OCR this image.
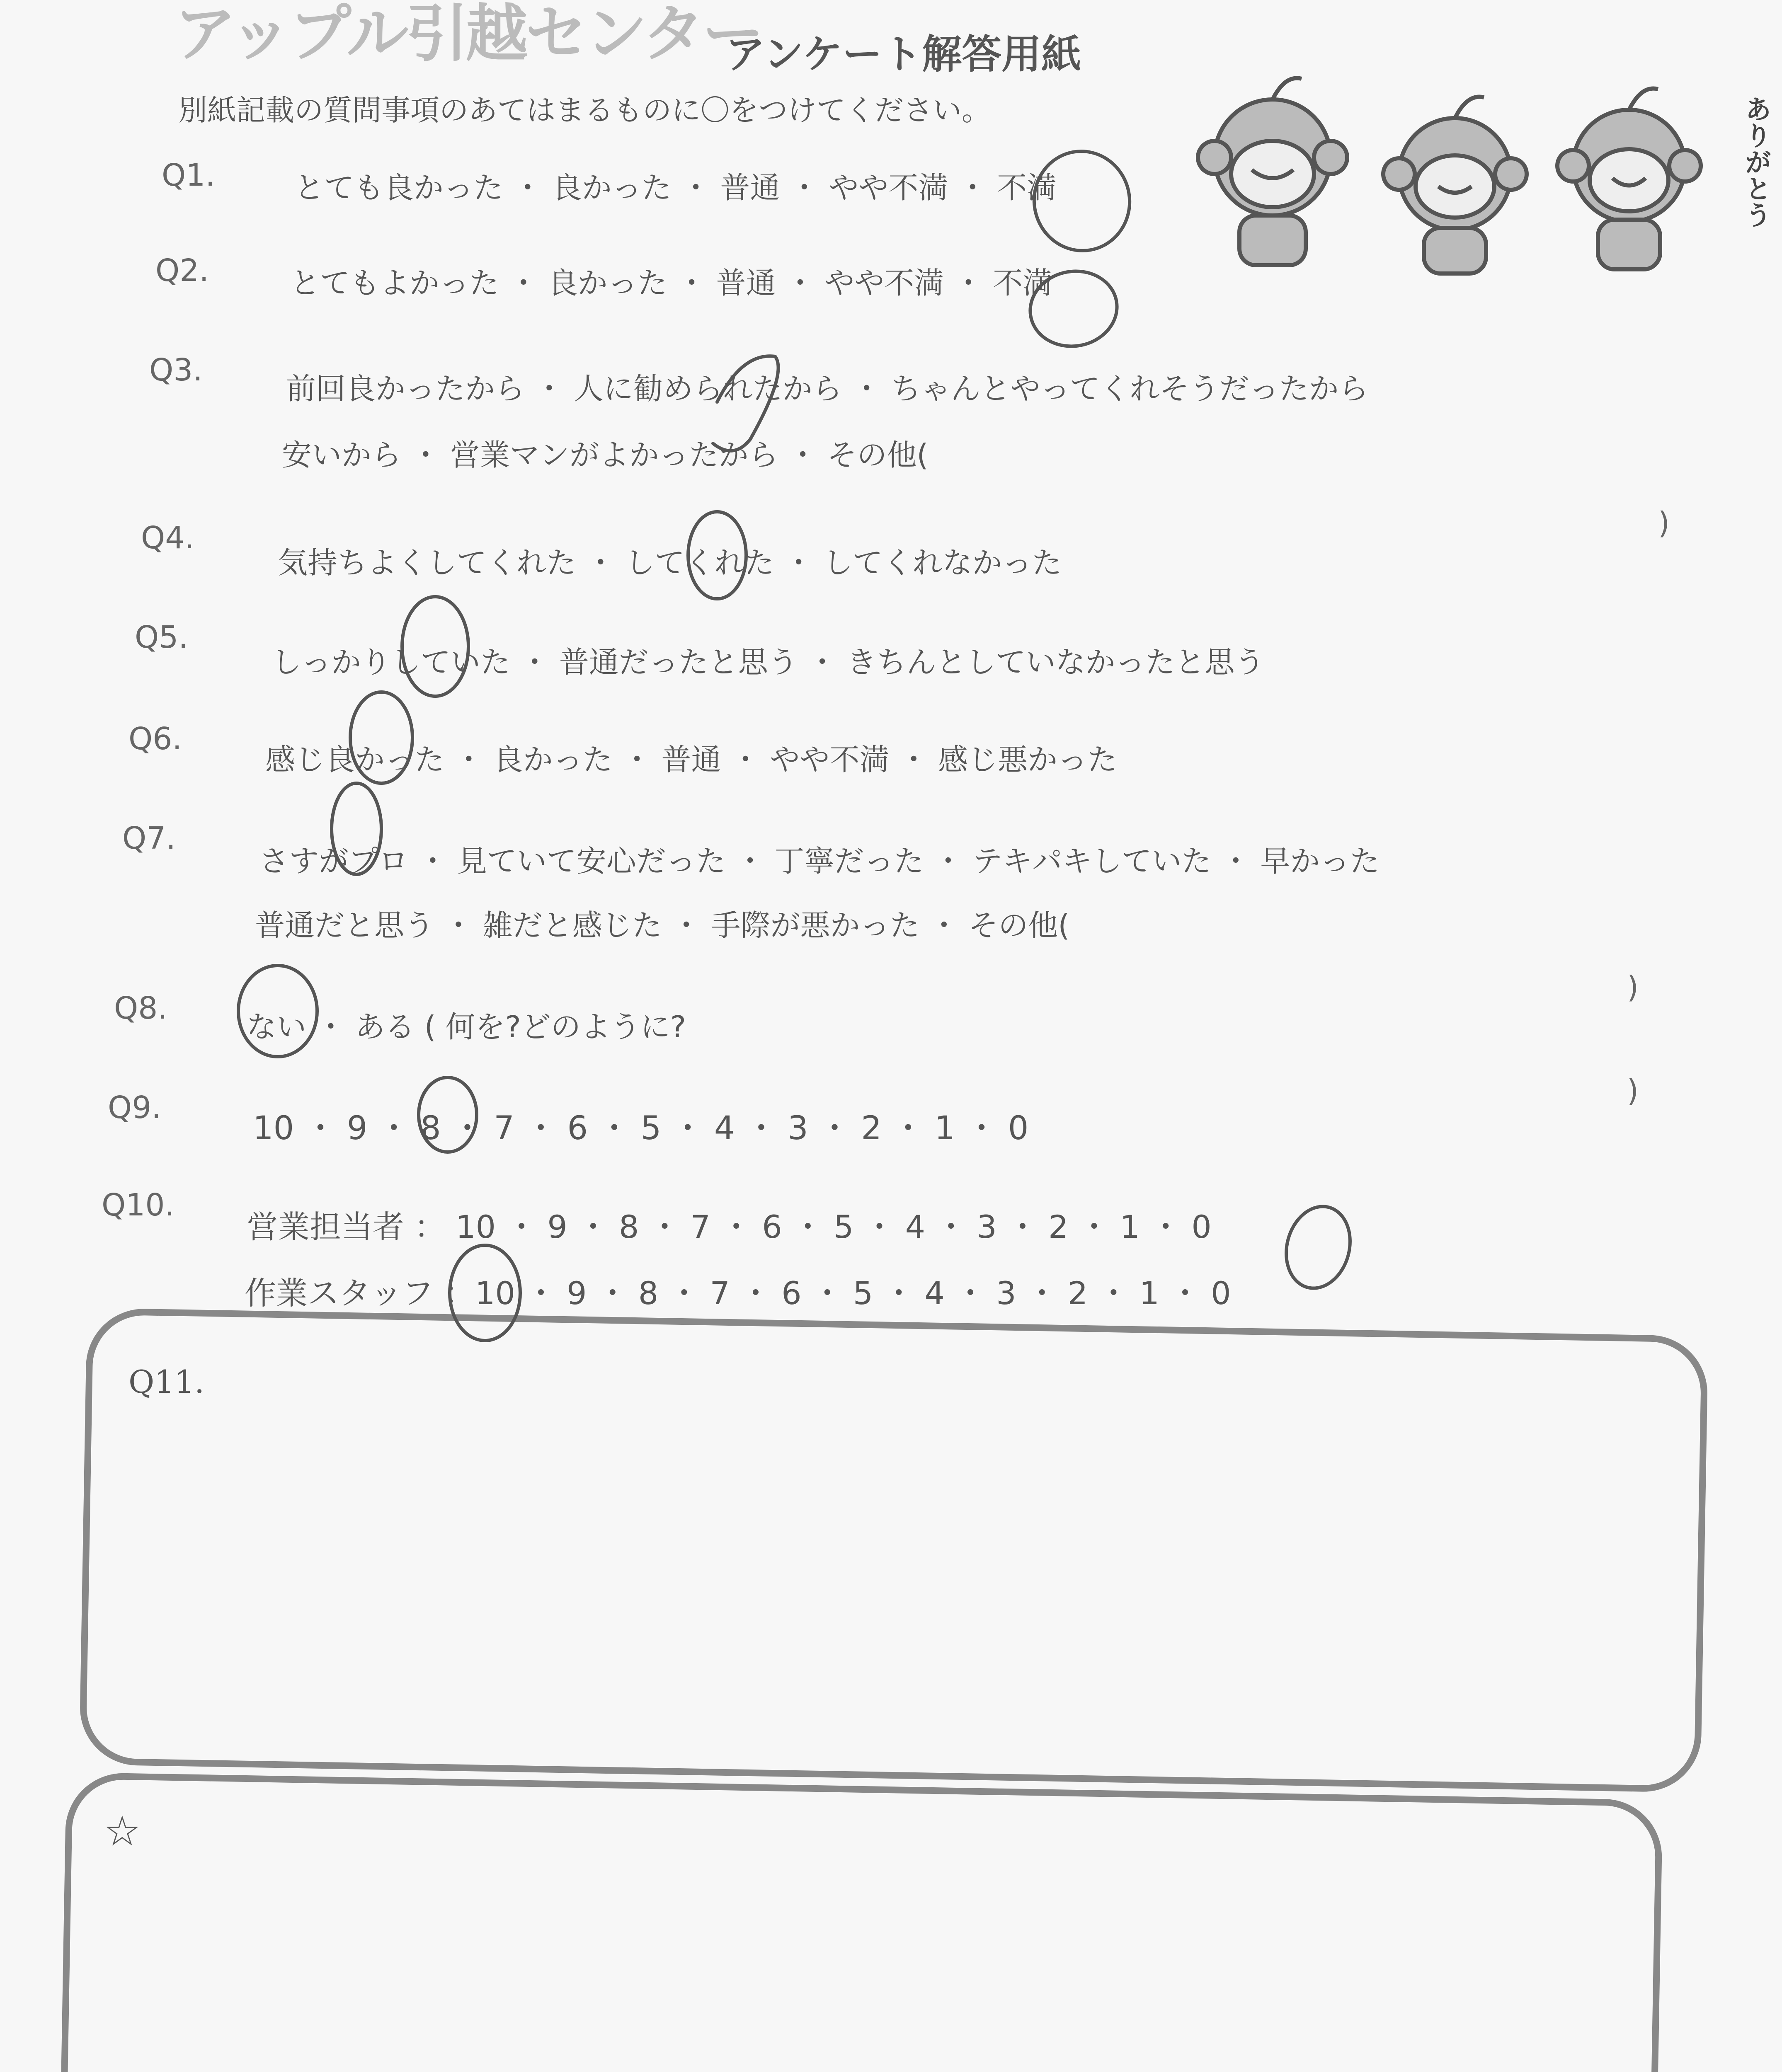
アップル引越センター
アンケート解答用紙
別紙記載の質問事項のあてはまるものに〇をつけてください。	ありがとう
Q1.	とても良かった ・ 良かった ・ 普通 ・ やや不満 ・ 不満
Q2.	とてもよかった ・ 良かった ・ 普通 ・ やや不満 ・ 不満
Q3.
前回良かったから ・ 人に勧められたから ・ ちゃんとやってくれそうだったから
安いから ・ 営業マンがよかったから ・ その他(
)
Q4.
気持ちよくしてくれた ・ してくれた ・ してくれなかった
Q5.
しっかりしていた ・ 普通だったと思う ・ きちんとしていなかったと思う
Q6.
感じ良かった ・ 良かった ・ 普通 ・ やや不満 ・ 感じ悪かった
Q7.
さすがプロ ・ 見ていて安心だった ・ 丁寧だった ・ テキパキしていた ・ 早かった
普通だと思う ・ 雑だと感じた ・ 手際が悪かった ・ その他(
)
Q8.
ない ・ ある ( 何を?どのように?
)
Q9.
10 ・ 9 ・ 8 ・ 7 ・ 6 ・ 5 ・ 4 ・ 3 ・ 2 ・ 1 ・ 0
Q10.
営業担当者 ： 10 ・ 9 ・ 8 ・ 7 ・ 6 ・ 5 ・ 4 ・ 3 ・ 2 ・ 1 ・ 0
作業スタッフ ：10 ・ 9 ・ 8 ・ 7 ・ 6 ・ 5 ・ 4 ・ 3 ・ 2 ・ 1 ・ 0
Q11.
☆
